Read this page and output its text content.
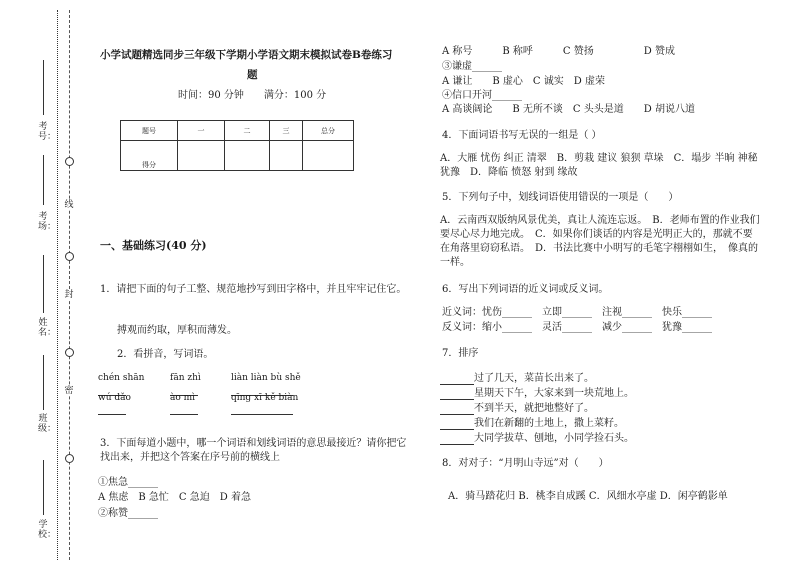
考号：
考场：
姓名：
班级：
学校：
线
封
密
小学试题精选同步三年级下学期小学语文期末模拟试卷B卷练习
题
时间：90 分钟　　满分：100 分
题号	一	二	三	总分
得分				
一、基础练习(40 分)
1．请把下面的句子工整、规范地抄写到田字格中，并且牢牢记住它。
搏观而约取，厚积而薄发。
2．看拼音，写词语。
chén shān	fān zhì	liàn liàn bù shě
wú dǎo	ào mì	qīng xī kě biàn
3．下面每道小题中，哪一个词语和划线词语的意思最接近？请你把它找出来，并把这个答案在序号前的横线上
①焦急______
A 焦虑　B 急忙　C 急迫　D 着急
②称赞______
A 称号　　　B 称呼　　　C 赞扬　　　　　D 赞成
③谦虚______
A 谦让　　B 虚心　C 诚实　D 虚荣
④信口开河______
A 高谈阔论　　B 无所不谈　C 头头是道　　D 胡说八道
4．下面词语书写无误的一组是（ ）
A．大雁 忧伤 纠正 清翠　B．剪栽 建议 狼狈 草垛　C．塌步 半晌 神秘 犹豫　D．降临 愤怒 射到 缘故
5．下列句子中，划线词语使用错误的一项是（　　）
A．云南西双版纳风景优美，真让人流连忘返。　B．老师布置的作业我们要尽心尽力地完成。　C．如果你们谈话的内容是光明正大的，那就不要在角落里窃窃私语。　D．书法比赛中小明写的毛笔字栩栩如生，　像真的一样。
6．写出下列词语的近义词或反义词。
近义词：忧伤______　立即______　注视______　快乐______
反义词：缩小______　灵活______　减少______　犹豫______
7．排序
过了几天，菜苗长出来了。
星期天下午，大家来到一块荒地上。
不到半天，就把地整好了。
我们在新翻的土地上，撒上菜籽。
大同学拔草、刨地，小同学捡石头。
8．对对子：“月明山寺远”对（　　）
A．骑马踏花归 B．桃李自成蹊 C．风细水亭虚 D．闲亭鹤影单
